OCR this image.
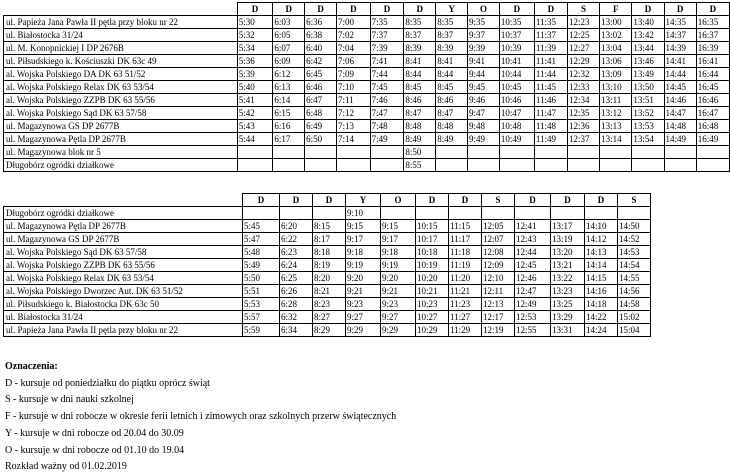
	D	D	D	D	D	D	Y	O	D	D	S	F	D	D	D
ul. Papieża Jana Pawła II pętla przy bloku nr 22	5:30	6:03	6:36	7:00	7:35	8:35	8:35	9:35	10:35	11:35	12:23	13:00	13:40	14:35	16:35
ul. Białostocka 31/24	5:32	6:05	6:38	7:02	7:37	8:37	8:37	9:37	10:37	11:37	12:25	13:02	13:42	14:37	16:37
ul. M. Konopnickiej I DP 2676B	5:34	6:07	6:40	7:04	7:39	8:39	8:39	9:39	10:39	11:39	12:27	13:04	13:44	14:39	16:39
ul. Piłsudskiego k. Kościuszki DK 63c 49	5:36	6:09	6:42	7:06	7:41	8:41	8:41	9:41	10:41	11:41	12:29	13:06	13:46	14:41	16:41
al. Wojska Polskiego DA DK 63 51/52	5:39	6:12	6:45	7:09	7:44	8:44	8:44	9:44	10:44	11:44	12:32	13:09	13:49	14:44	16:44
al. Wojska Polskiego Relax DK 63 53/54	5:40	6:13	6:46	7:10	7:45	8:45	8:45	9:45	10:45	11:45	12:33	13:10	13:50	14:45	16:45
al. Wojska Polskiego ZZPB DK 63 55/56	5:41	6:14	6:47	7:11	7:46	8:46	8:46	9:46	10:46	11:46	12:34	13:11	13:51	14:46	16:46
al. Wojska Polskiego Sąd DK 63 57/58	5:42	6:15	6:48	7:12	7:47	8:47	8:47	9:47	10:47	11:47	12:35	13:12	13:52	14:47	16:47
ul. Magazynowa GS DP 2677B	5:43	6:16	6:49	7:13	7:48	8:48	8:48	9:48	10:48	11:48	12:36	13:13	13:53	14:48	16:48
ul. Magazynowa Pętla DP 2677B	5:44	6:17	6:50	7:14	7:49	8:49	8:49	9:49	10:49	11:49	12:37	13:14	13:54	14:49	16:49
ul. Magazynowa blok nr 5						8:50									
Długobórz ogródki działkowe						8:55									
	D	D	D	Y	O	D	D	S	D	D	D	S
Długobórz ogródki działkowe				9:10								
ul. Magazynowa Pętla DP 2677B	5:45	6:20	8:15	9:15	9:15	10:15	11:15	12:05	12:41	13:17	14:10	14:50
ul. Magazynowa GS DP 2677B	5:47	6:22	8:17	9:17	9:17	10:17	11:17	12:07	12:43	13:19	14:12	14:52
al. Wojska Polskiego Sąd DK 63 57/58	5:48	6:23	8:18	9:18	9:18	10:18	11:18	12:08	12:44	13:20	14:13	14:53
al. Wojska Polskiego ZZPB DK 63 55/56	5:49	6:24	8:19	9:19	9:19	10:19	11:19	12:09	12:45	13:21	14:14	14:54
al. Wojska Polskiego Relax DK 63 53/54	5:50	6:25	8:20	9:20	9:20	10:20	11:20	12:10	12:46	13:22	14:15	14:55
al. Wojska Polskiego Dworzec Aut. DK 63 51/52	5:51	6:26	8:21	9:21	9:21	10:21	11:21	12:11	12:47	13:23	14:16	14:56
ul. Piłsudskiego k. Białostocka DK 63c 50	5:53	6:28	8:23	9:23	9:23	10:23	11:23	12:13	12:49	13:25	14:18	14:58
ul. Białostocka 31/24	5:57	6:32	8:27	9:27	9:27	10:27	11:27	12:17	12:53	13:29	14:22	15:02
ul. Papieża Jana Pawła II pętla przy bloku nr 22	5:59	6:34	8:29	9:29	9:29	10:29	11:29	12:19	12:55	13:31	14:24	15:04
Oznaczenia:
D - kursuje od poniedziałku do piątku oprócz świąt
S - kursuje w dni nauki szkolnej
F - kursuje w dni robocze w okresie ferii letnich i zimowych oraz szkolnych przerw świątecznych
Y - kursuje w dni robocze od 20.04 do 30.09
O - kursuje w dni robocze od 01.10 do 19.04
Rozkład ważny od 01.02.2019
